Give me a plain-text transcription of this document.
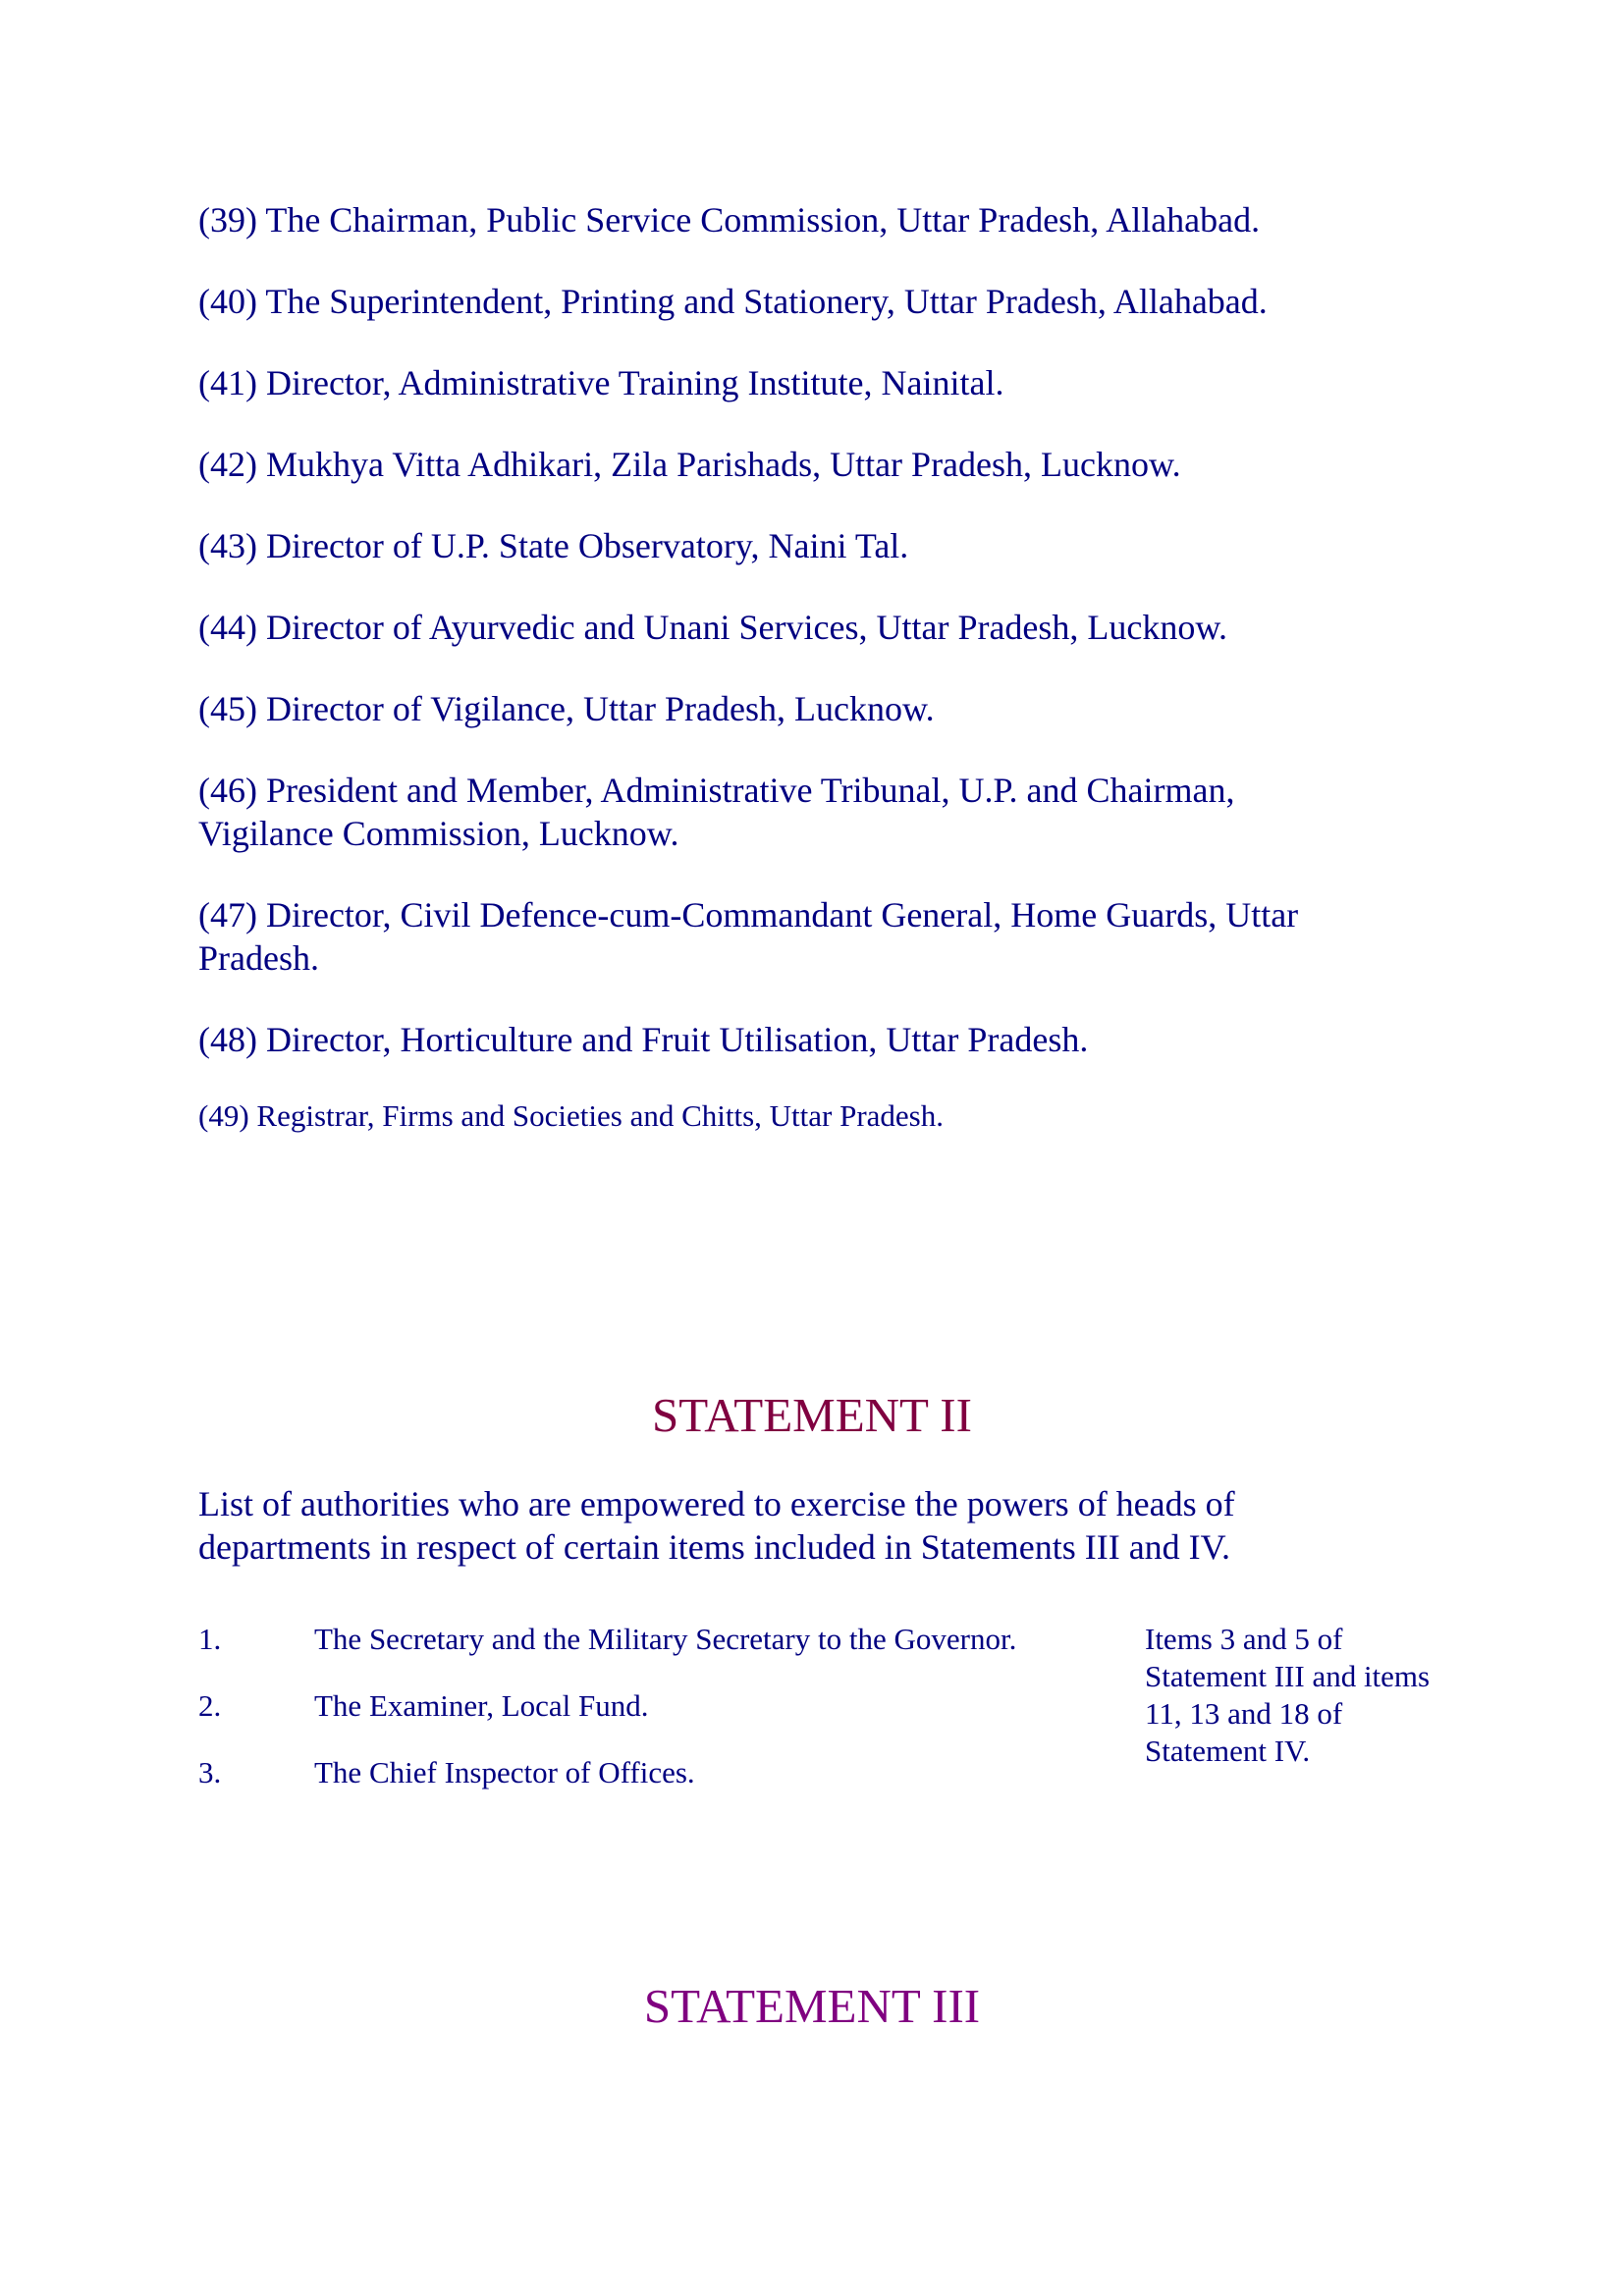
(39) The Chairman, Public Service Commission, Uttar Pradesh, Allahabad.
(40) The Superintendent, Printing and Stationery, Uttar Pradesh, Allahabad.
(41) Director, Administrative Training Institute, Nainital.
(42) Mukhya Vitta Adhikari, Zila Parishads, Uttar Pradesh, Lucknow.
(43) Director of U.P. State Observatory, Naini Tal.
(44) Director of Ayurvedic and Unani Services, Uttar Pradesh, Lucknow.
(45) Director of Vigilance, Uttar Pradesh, Lucknow.
(46) President and Member, Administrative Tribunal, U.P. and Chairman,
Vigilance Commission, Lucknow.
(47) Director, Civil Defence-cum-Commandant General, Home Guards, Uttar
Pradesh.
(48) Director, Horticulture and Fruit Utilisation, Uttar Pradesh.
(49) Registrar, Firms and Societies and Chitts, Uttar Pradesh.
STATEMENT II
List of authorities who are empowered to exercise the powers of heads of
departments in respect of certain items included in Statements III and IV.
1.	The Secretary and the Military Secretary to the Governor.
2.	The Examiner, Local Fund.
3.	The Chief Inspector of Offices.
Items 3 and 5 of
Statement III and items
11, 13 and 18 of
Statement IV.
STATEMENT III
